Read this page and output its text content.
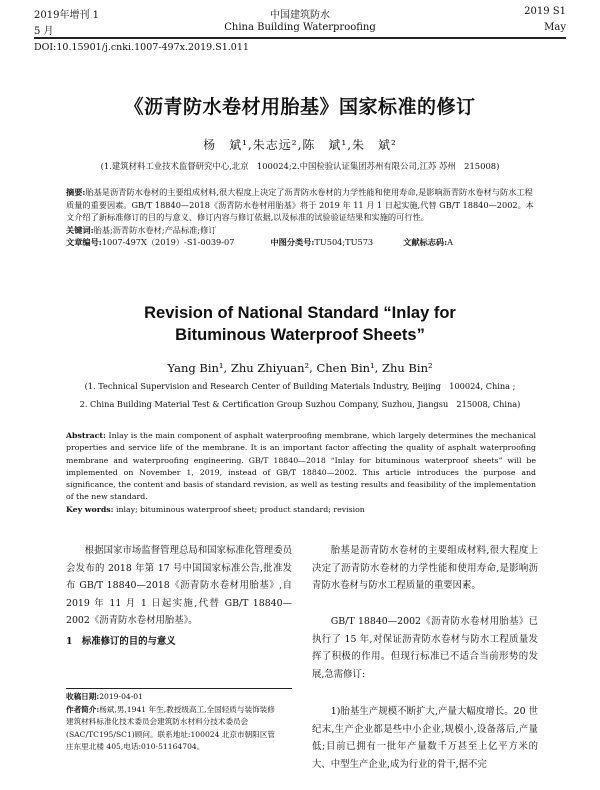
2019年增刊 1
5 月
中国建筑防水
China Building Waterproofing
2019 S1
May
DOI:10.15901/j.cnki.1007-497x.2019.S1.011
《沥青防水卷材用胎基》国家标准的修订
杨　斌¹,朱志远²,陈　斌¹,朱　斌²
(1.建筑材料工业技术监督研究中心,北京　100024;2.中国检验认证集团苏州有限公司,江苏 苏州　215008)
摘要:胎基是沥青防水卷材的主要组成材料,很大程度上决定了沥青防水卷材的力学性能和使用寿命,是影响沥青防水卷材与防水工程质量的重要因素。GB/T 18840—2018《沥青防水卷材用胎基》将于 2019 年 11 月 1 日起实施,代替 GB/T 18840—2002。本文介绍了新标准修订的目的与意义、修订内容与修订依据,以及标准的试验验证结果和实施的可行性。
关键词:胎基;沥青防水卷材;产品标准;修订
文章编号:1007-497X（2019）-S1-0039-07	中图分类号:TU504;TU573	文献标志码:A
Revision of National Standard “Inlay for
Bituminous Waterproof Sheets”
Yang Bin¹, Zhu Zhiyuan², Chen Bin¹, Zhu Bin²
(1. Technical Supervision and Research Center of Building Materials Industry, Beijing　100024, China ;
2. China Building Material Test & Certification Group Suzhou Company, Suzhou, Jiangsu　215008, China)
Abstract: Inlay is the main component of asphalt waterproofing membrane, which largely determines the mechanical properties and service life of the membrane. It is an important factor affecting the quality of asphalt waterproofing membrane and waterproofing engineering. GB/T 18840—2018 “Inlay for bituminous waterproof sheets” will be implemented on November 1, 2019, instead of GB/T 18840—2002. This article introduces the purpose and significance, the content and basis of standard revision, as well as testing results and feasibility of the implementation of the new standard.
Key words: inlay; bituminous waterproof sheet; product standard; revision
根据国家市场监督管理总局和国家标准化管理委员会发布的 2018 年第 17 号中国国家标准公告,批准发布 GB/T 18840—2018《沥青防水卷材用胎基》,自 2019 年 11 月 1 日起实施,代替 GB/T 18840—2002《沥青防水卷材用胎基》。
1　标准修订的目的与意义
收稿日期:2019-04-01
作者简介:杨斌,男,1941 年生,教授级高工,全国轻质与装饰装修建筑材料标准化技术委员会建筑防水材料分技术委员会(SAC/TC195/SC1)顾问。联系地址:100024 北京市朝阳区管庄东里北楼 405,电话:010-51164704。
胎基是沥青防水卷材的主要组成材料,很大程度上决定了沥青防水卷材的力学性能和使用寿命,是影响沥青防水卷材与防水工程质量的重要因素。
GB/T 18840—2002《沥青防水卷材用胎基》已执行了 15 年,对保证沥青防水卷材与防水工程质量发挥了积极的作用。但现行标准已不适合当前形势的发展,急需修订:
1)胎基生产规模不断扩大,产量大幅度增长。20 世纪末,生产企业都是些中小企业,规模小,设备落后,产量低;目前已拥有一批年产量数千万甚至上亿平方米的大、中型生产企业,成为行业的骨干,据不完
